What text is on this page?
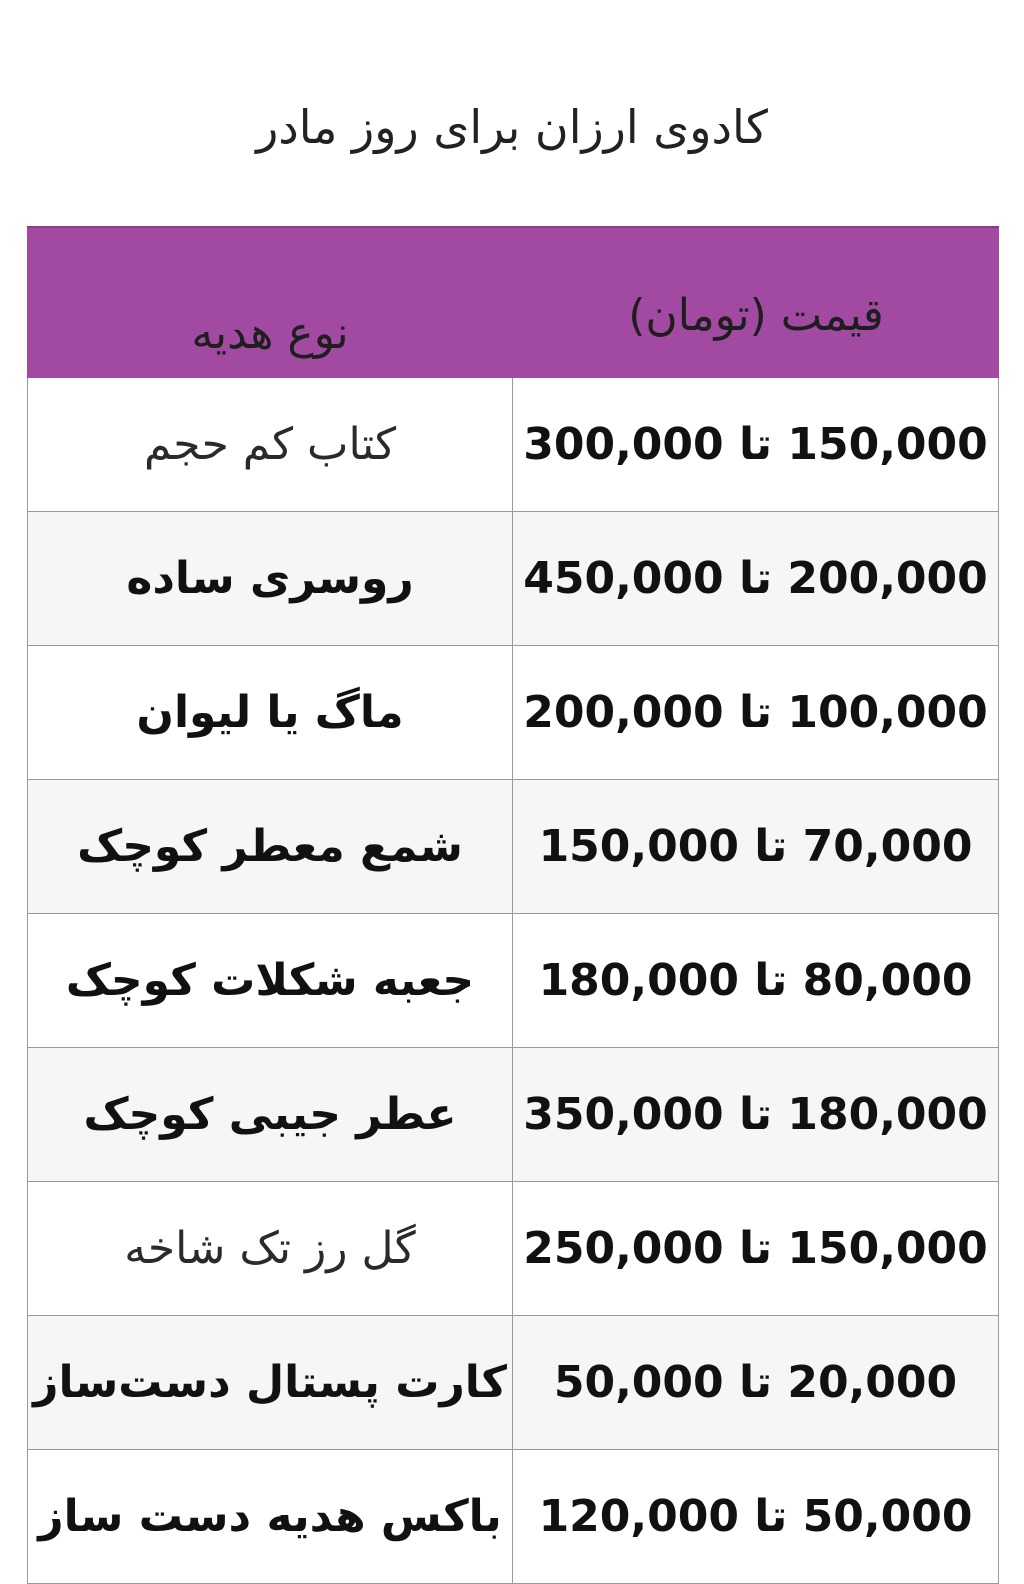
کادوی ارزان برای روز مادر
نوع هدیه	قیمت (تومان)
کتاب کم حجم	150,000 تا 300,000
روسری ساده	200,000 تا 450,000
ماگ یا لیوان	100,000 تا 200,000
شمع معطر کوچک	70,000 تا 150,000
جعبه شکلات کوچک	80,000 تا 180,000
عطر جیبی کوچک	180,000 تا 350,000
گل رز تک شاخه	150,000 تا 250,000
کارت پستال دست‌ساز	20,000 تا 50,000
باکس هدیه دست ساز 50,000 تا 120,000
